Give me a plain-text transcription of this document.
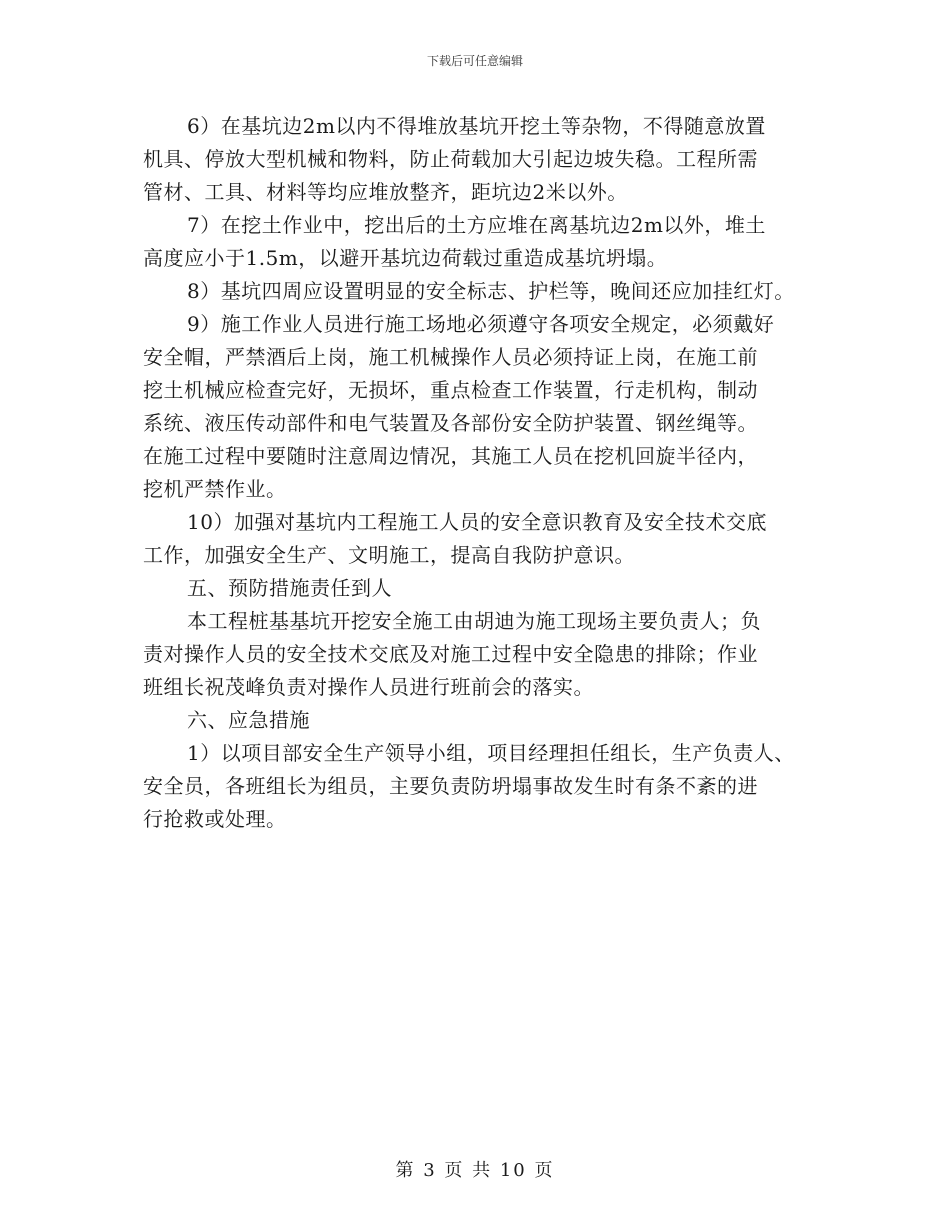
下载后可任意编辑
6）在基坑边2m以内不得堆放基坑开挖土等杂物，不得随意放置
机具、停放大型机械和物料，防止荷载加大引起边坡失稳。工程所需
管材、工具、材料等均应堆放整齐，距坑边2米以外。
7）在挖土作业中，挖出后的土方应堆在离基坑边2m以外，堆土
高度应小于1.5m，以避开基坑边荷载过重造成基坑坍塌。
8）基坑四周应设置明显的安全标志、护栏等，晚间还应加挂红灯。
9）施工作业人员进行施工场地必须遵守各项安全规定，必须戴好
安全帽，严禁酒后上岗，施工机械操作人员必须持证上岗，在施工前
挖土机械应检查完好，无损坏，重点检查工作装置，行走机构，制动
系统、液压传动部件和电气装置及各部份安全防护装置、钢丝绳等。
在施工过程中要随时注意周边情况，其施工人员在挖机回旋半径内，
挖机严禁作业。
10）加强对基坑内工程施工人员的安全意识教育及安全技术交底
工作，加强安全生产、文明施工，提高自我防护意识。
五、预防措施责任到人
本工程桩基基坑开挖安全施工由胡迪为施工现场主要负责人；负
责对操作人员的安全技术交底及对施工过程中安全隐患的排除；作业
班组长祝茂峰负责对操作人员进行班前会的落实。
六、应急措施
1）以项目部安全生产领导小组，项目经理担任组长，生产负责人、
安全员，各班组长为组员，主要负责防坍塌事故发生时有条不紊的进
行抢救或处理。
第 3 页 共 10 页
